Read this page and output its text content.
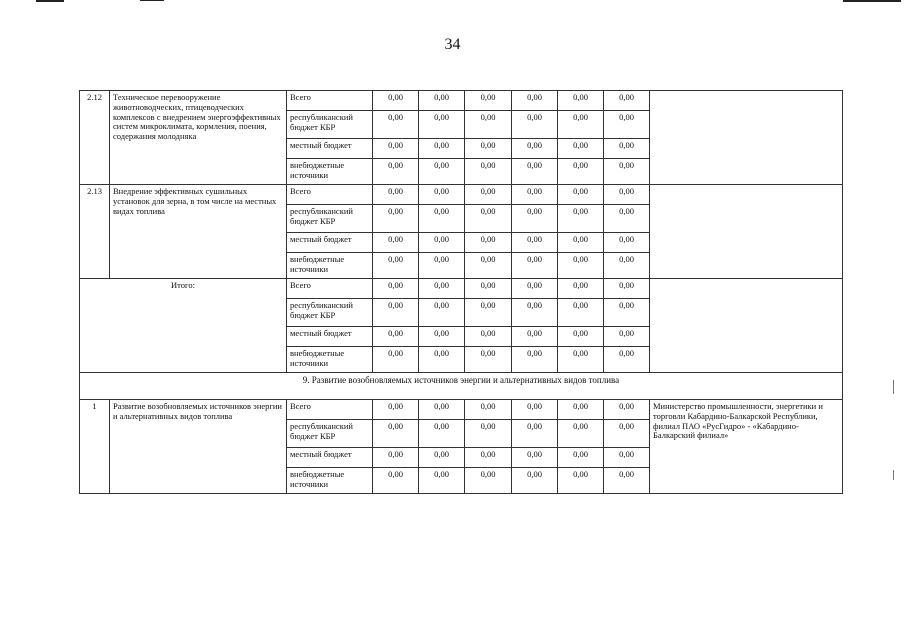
34
2.12	Техническое перевооружение животноводческих, птицеводческих комплексов с внедрением энергоэффективных систем микроклимата, кормления, поения, содержания молодняка	Всего	0,00	0,00	0,00	0,00	0,00	0,00	
		республиканский бюджет КБР	0,00	0,00	0,00	0,00	0,00	0,00	
		местный бюджет	0,00	0,00	0,00	0,00	0,00	0,00	
		внебюджетные источники	0,00	0,00	0,00	0,00	0,00	0,00	
2.13	Внедрение эффективных сушильных установок для зерна, в том числе на местных видах топлива	Всего	0,00	0,00	0,00	0,00	0,00	0,00	
		республиканский бюджет КБР	0,00	0,00	0,00	0,00	0,00	0,00	
		местный бюджет	0,00	0,00	0,00	0,00	0,00	0,00	
		внебюджетные источники	0,00	0,00	0,00	0,00	0,00	0,00	
Итого:		Всего	0,00	0,00	0,00	0,00	0,00	0,00	
		республиканский бюджет КБР	0,00	0,00	0,00	0,00	0,00	0,00	
		местный бюджет	0,00	0,00	0,00	0,00	0,00	0,00	
		внебюджетные источники	0,00	0,00	0,00	0,00	0,00	0,00	
9. Развитие возобновляемых источников энергии и альтернативных видов топлива									
1	Развитие возобновляемых источников энергии и альтернативных видов топлива	Всего	0,00	0,00	0,00	0,00	0,00	0,00	Министерство промышленности, энергетики и торговли Кабардино-Балкарской Республики, филиал ПАО «РусГидро» - «Кабардино-Балкарский филиал»
		республиканский бюджет КБР	0,00	0,00	0,00	0,00	0,00	0,00	
		местный бюджет	0,00	0,00	0,00	0,00	0,00	0,00	
		внебюджетные источники	0,00	0,00	0,00	0,00	0,00	0,00	
